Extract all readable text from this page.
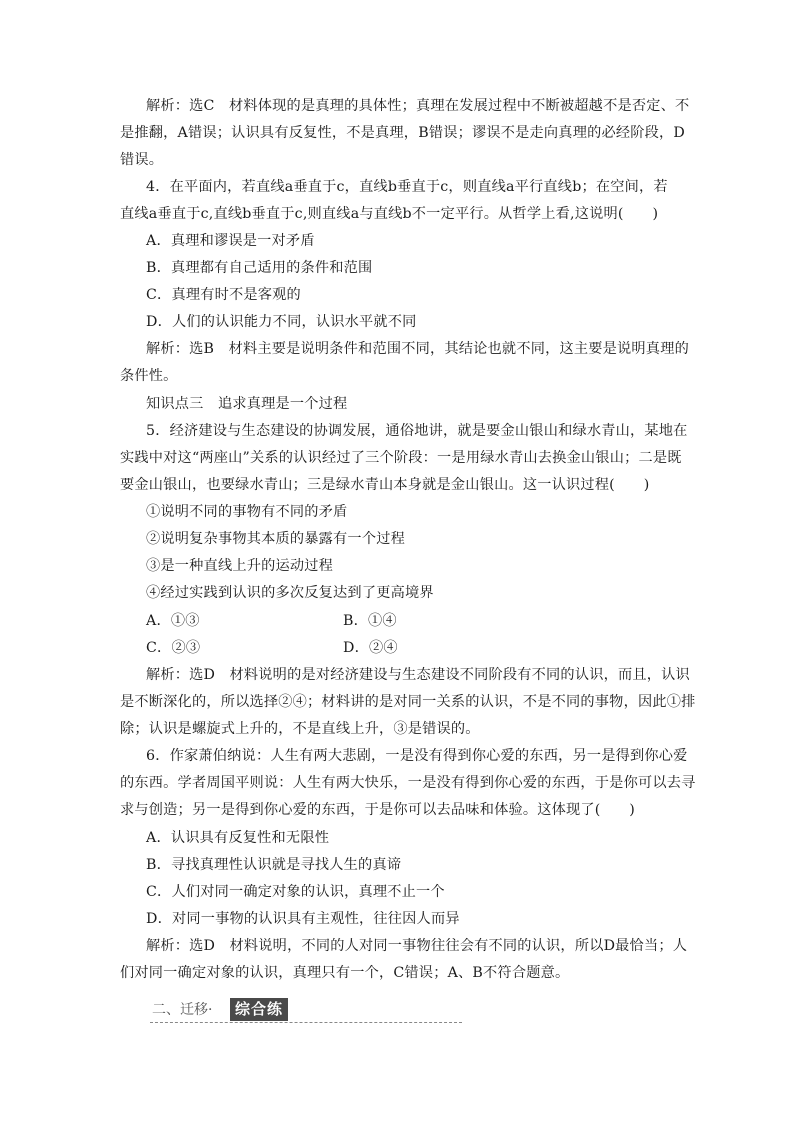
解析：选C　材料体现的是真理的具体性；真理在发展过程中不断被超越不是否定、不
是推翻，A错误；认识具有反复性，不是真理，B错误；谬误不是走向真理的必经阶段，D
错误。
4．在平面内，若直线a垂直于c，直线b垂直于c，则直线a平行直线b；在空间，若
直线a垂直于c,直线b垂直于c,则直线a与直线b不一定平行。从哲学上看,这说明(　　)
A．真理和谬误是一对矛盾
B．真理都有自己适用的条件和范围
C．真理有时不是客观的
D．人们的认识能力不同，认识水平就不同
解析：选B　材料主要是说明条件和范围不同，其结论也就不同，这主要是说明真理的
条件性。
知识点三　追求真理是一个过程
5．经济建设与生态建设的协调发展，通俗地讲，就是要金山银山和绿水青山，某地在
实践中对这“两座山”关系的认识经过了三个阶段：一是用绿水青山去换金山银山；二是既
要金山银山，也要绿水青山；三是绿水青山本身就是金山银山。这一认识过程(　　)
①说明不同的事物有不同的矛盾
②说明复杂事物其本质的暴露有一个过程
③是一种直线上升的运动过程
④经过实践到认识的多次反复达到了更高境界
A．①③	B．①④
C．②③	D．②④
解析：选D　材料说明的是对经济建设与生态建设不同阶段有不同的认识，而且，认识
是不断深化的，所以选择②④；材料讲的是对同一关系的认识，不是不同的事物，因此①排
除；认识是螺旋式上升的，不是直线上升，③是错误的。
6．作家萧伯纳说：人生有两大悲剧，一是没有得到你心爱的东西，另一是得到你心爱
的东西。学者周国平则说：人生有两大快乐，一是没有得到你心爱的东西，于是你可以去寻
求与创造；另一是得到你心爱的东西，于是你可以去品味和体验。这体现了(　　)
A．认识具有反复性和无限性
B．寻找真理性认识就是寻找人生的真谛
C．人们对同一确定对象的认识，真理不止一个
D．对同一事物的认识具有主观性，往往因人而异
解析：选D　材料说明，不同的人对同一事物往往会有不同的认识，所以D最恰当；人
们对同一确定对象的认识，真理只有一个，C错误；A、B不符合题意。
二、迁移·	综合练
